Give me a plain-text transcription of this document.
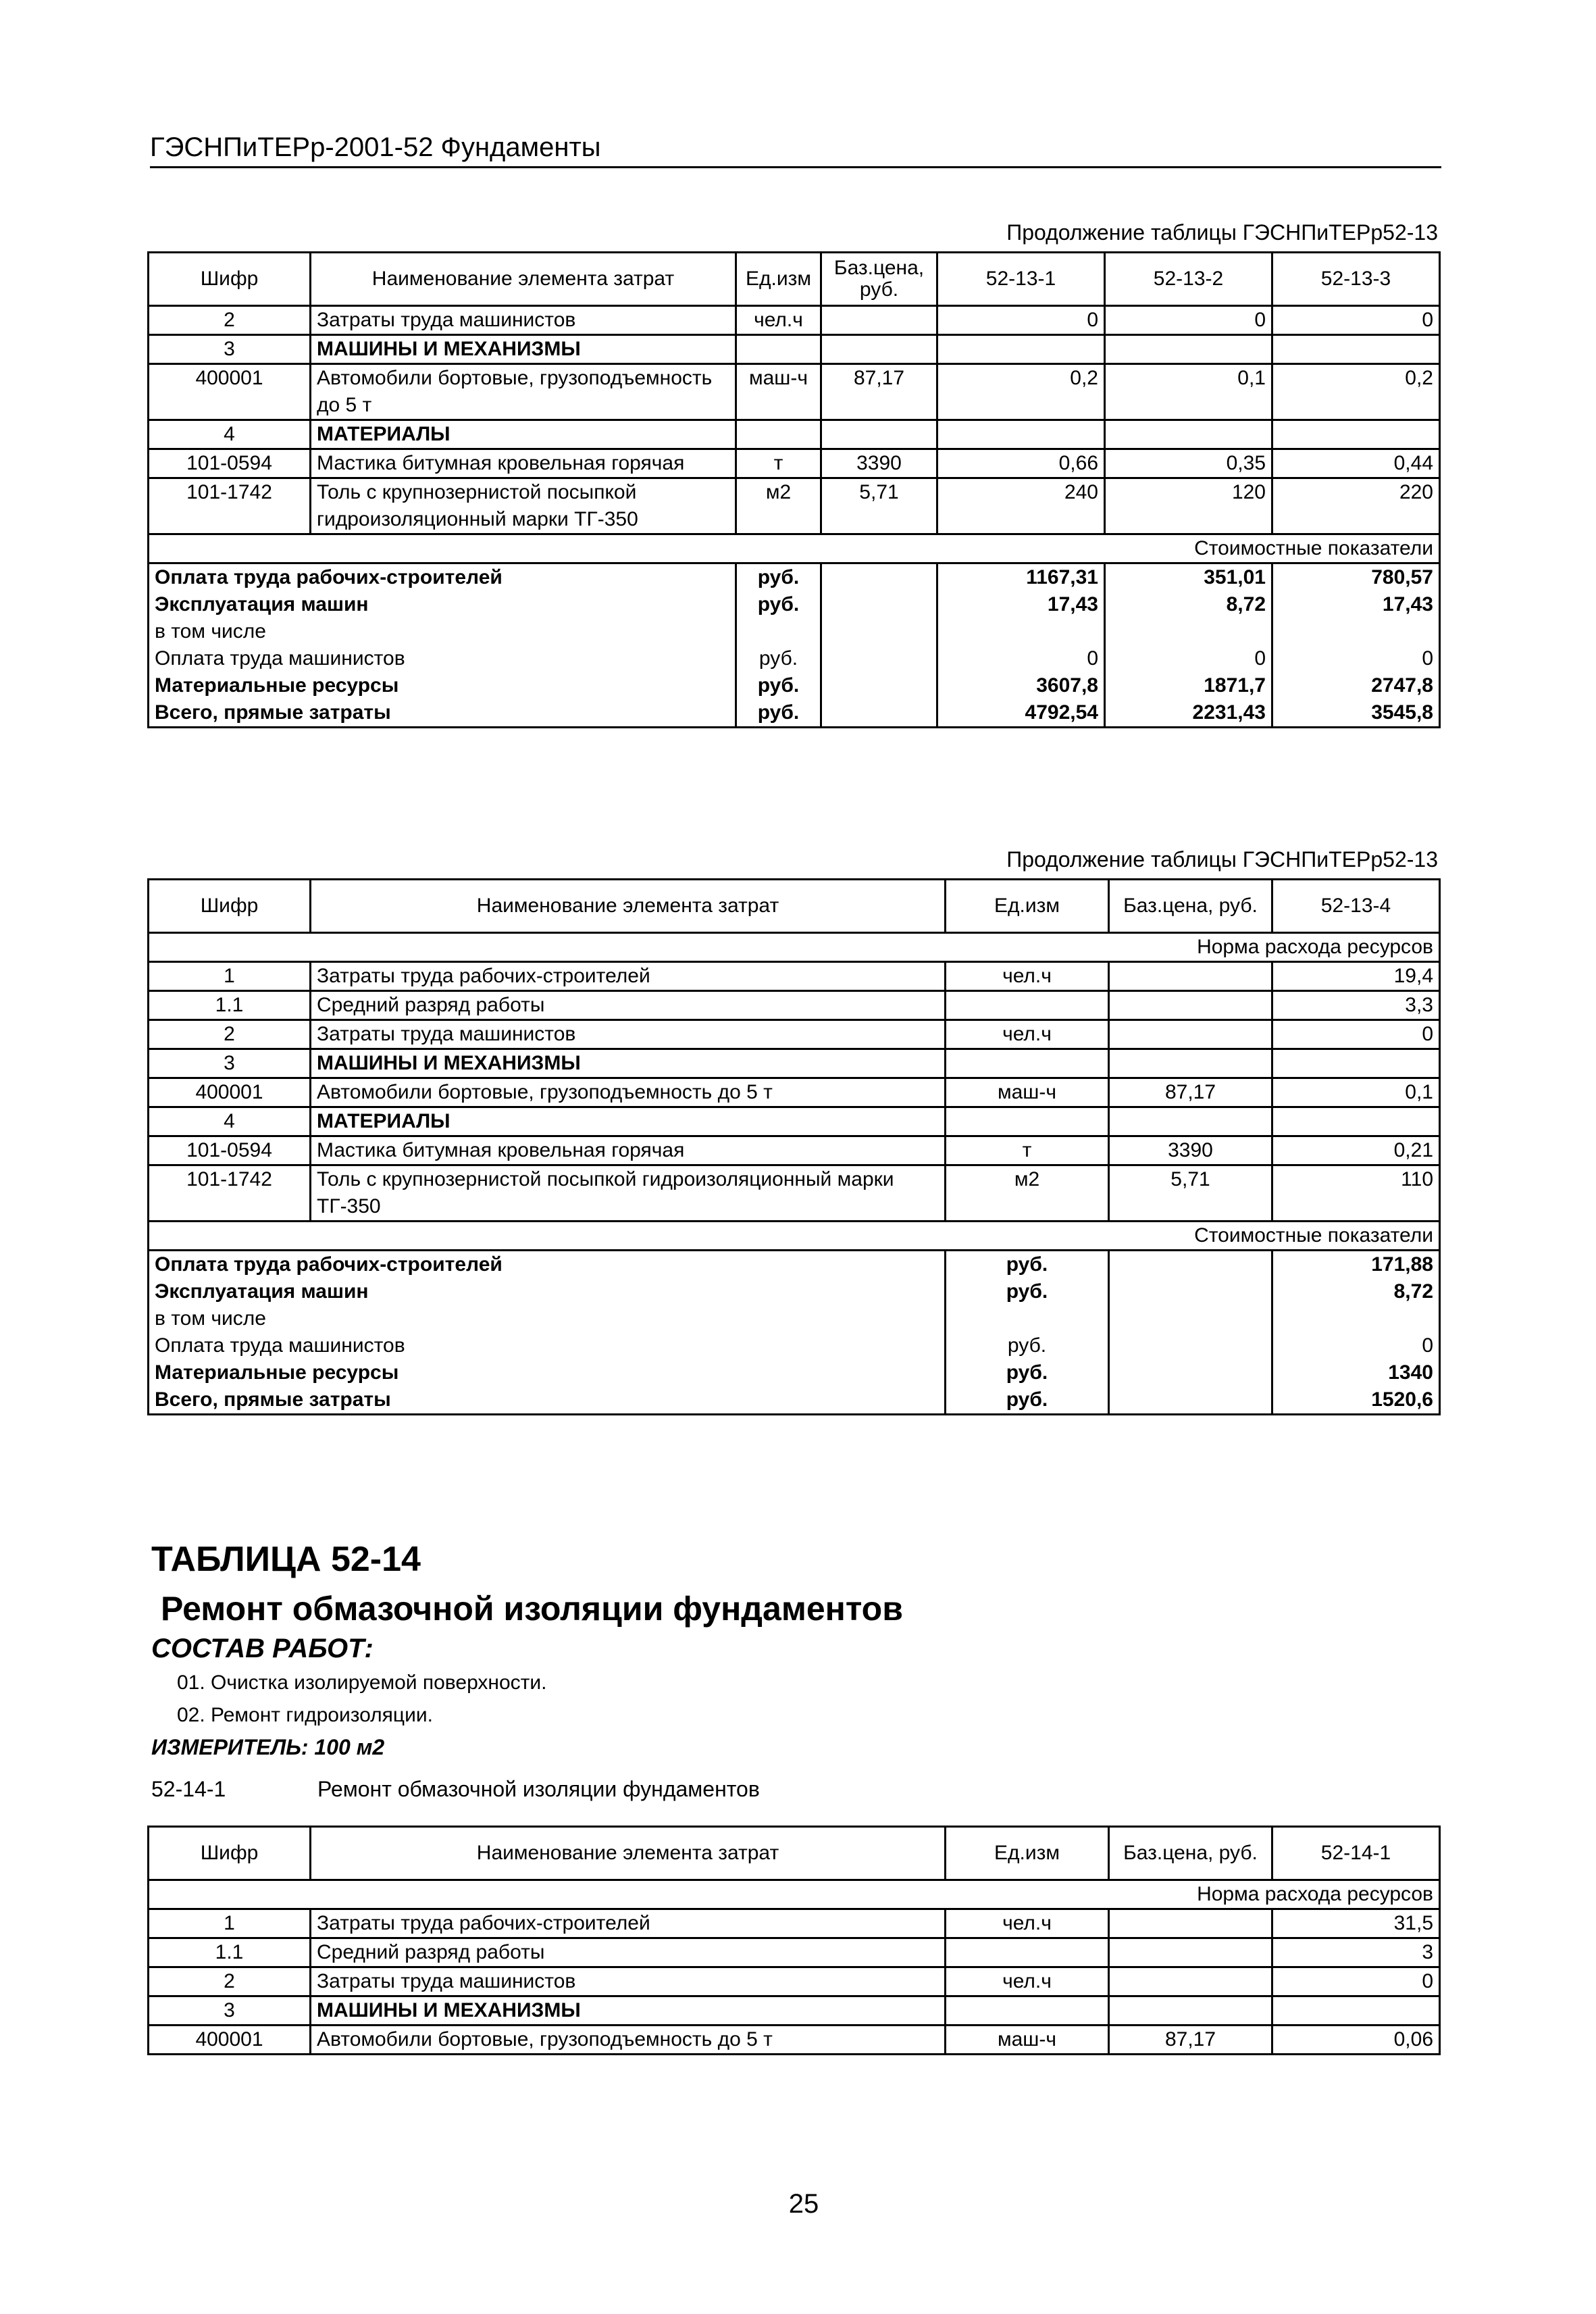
ГЭСНПиТЕРр-2001-52 Фундаменты
Продолжение таблицы ГЭСНПиТЕРр52-13
Шифр	Наименование элемента затрат	Ед.изм	Баз.цена, руб.	52-13-1	52-13-2	52-13-3
2	Затраты труда машинистов	чел.ч		0	0	0
3	МАШИНЫ И МЕХАНИЗМЫ					
400001	Автомобили бортовые, грузоподъемность до 5 т	маш-ч	87,17	0,2	0,1	0,2
4	МАТЕРИАЛЫ					
101-0594	Мастика битумная кровельная горячая	т	3390	0,66	0,35	0,44
101-1742	Толь с крупнозернистой посыпкой гидроизоляционный марки ТГ-350	м2	5,71	240	120	220
Стоимостные показатели						
Оплата труда рабочих-строителей		руб.		1167,31	351,01	780,57
Эксплуатация машин		руб.		17,43	8,72	17,43
в том числе						
Оплата труда машинистов		руб.		0	0	0
Материальные ресурсы		руб.		3607,8	1871,7	2747,8
Всего, прямые затраты		руб.		4792,54	2231,43	3545,8
Продолжение таблицы ГЭСНПиТЕРр52-13
Шифр	Наименование элемента затрат	Ед.изм	Баз.цена, руб.	52-13-4
Норма расхода ресурсов				
1	Затраты труда рабочих-строителей	чел.ч		19,4
1.1	Средний разряд работы			3,3
2	Затраты труда машинистов	чел.ч		0
3	МАШИНЫ И МЕХАНИЗМЫ			
400001	Автомобили бортовые, грузоподъемность до 5 т	маш-ч	87,17	0,1
4	МАТЕРИАЛЫ			
101-0594	Мастика битумная кровельная горячая	т	3390	0,21
101-1742	Толь с крупнозернистой посыпкой гидроизоляционный марки ТГ-350	м2	5,71	110
Стоимостные показатели				
Оплата труда рабочих-строителей		руб.		171,88
Эксплуатация машин		руб.		8,72
в том числе				
Оплата труда машинистов		руб.		0
Материальные ресурсы		руб.		1340
Всего, прямые затраты		руб.		1520,6
ТАБЛИЦА 52-14
Ремонт обмазочной изоляции фундаментов
СОСТАВ РАБОТ:
01. Очистка изолируемой поверхности.
02. Ремонт гидроизоляции.
ИЗМЕРИТЕЛЬ: 100 м2
52-14-1	Ремонт обмазочной изоляции фундаментов
Шифр	Наименование элемента затрат	Ед.изм	Баз.цена, руб.	52-14-1
Норма расхода ресурсов				
1	Затраты труда рабочих-строителей	чел.ч		31,5
1.1	Средний разряд работы			3
2	Затраты труда машинистов	чел.ч		0
3	МАШИНЫ И МЕХАНИЗМЫ			
400001	Автомобили бортовые, грузоподъемность до 5 т	маш-ч	87,17	0,06
25
